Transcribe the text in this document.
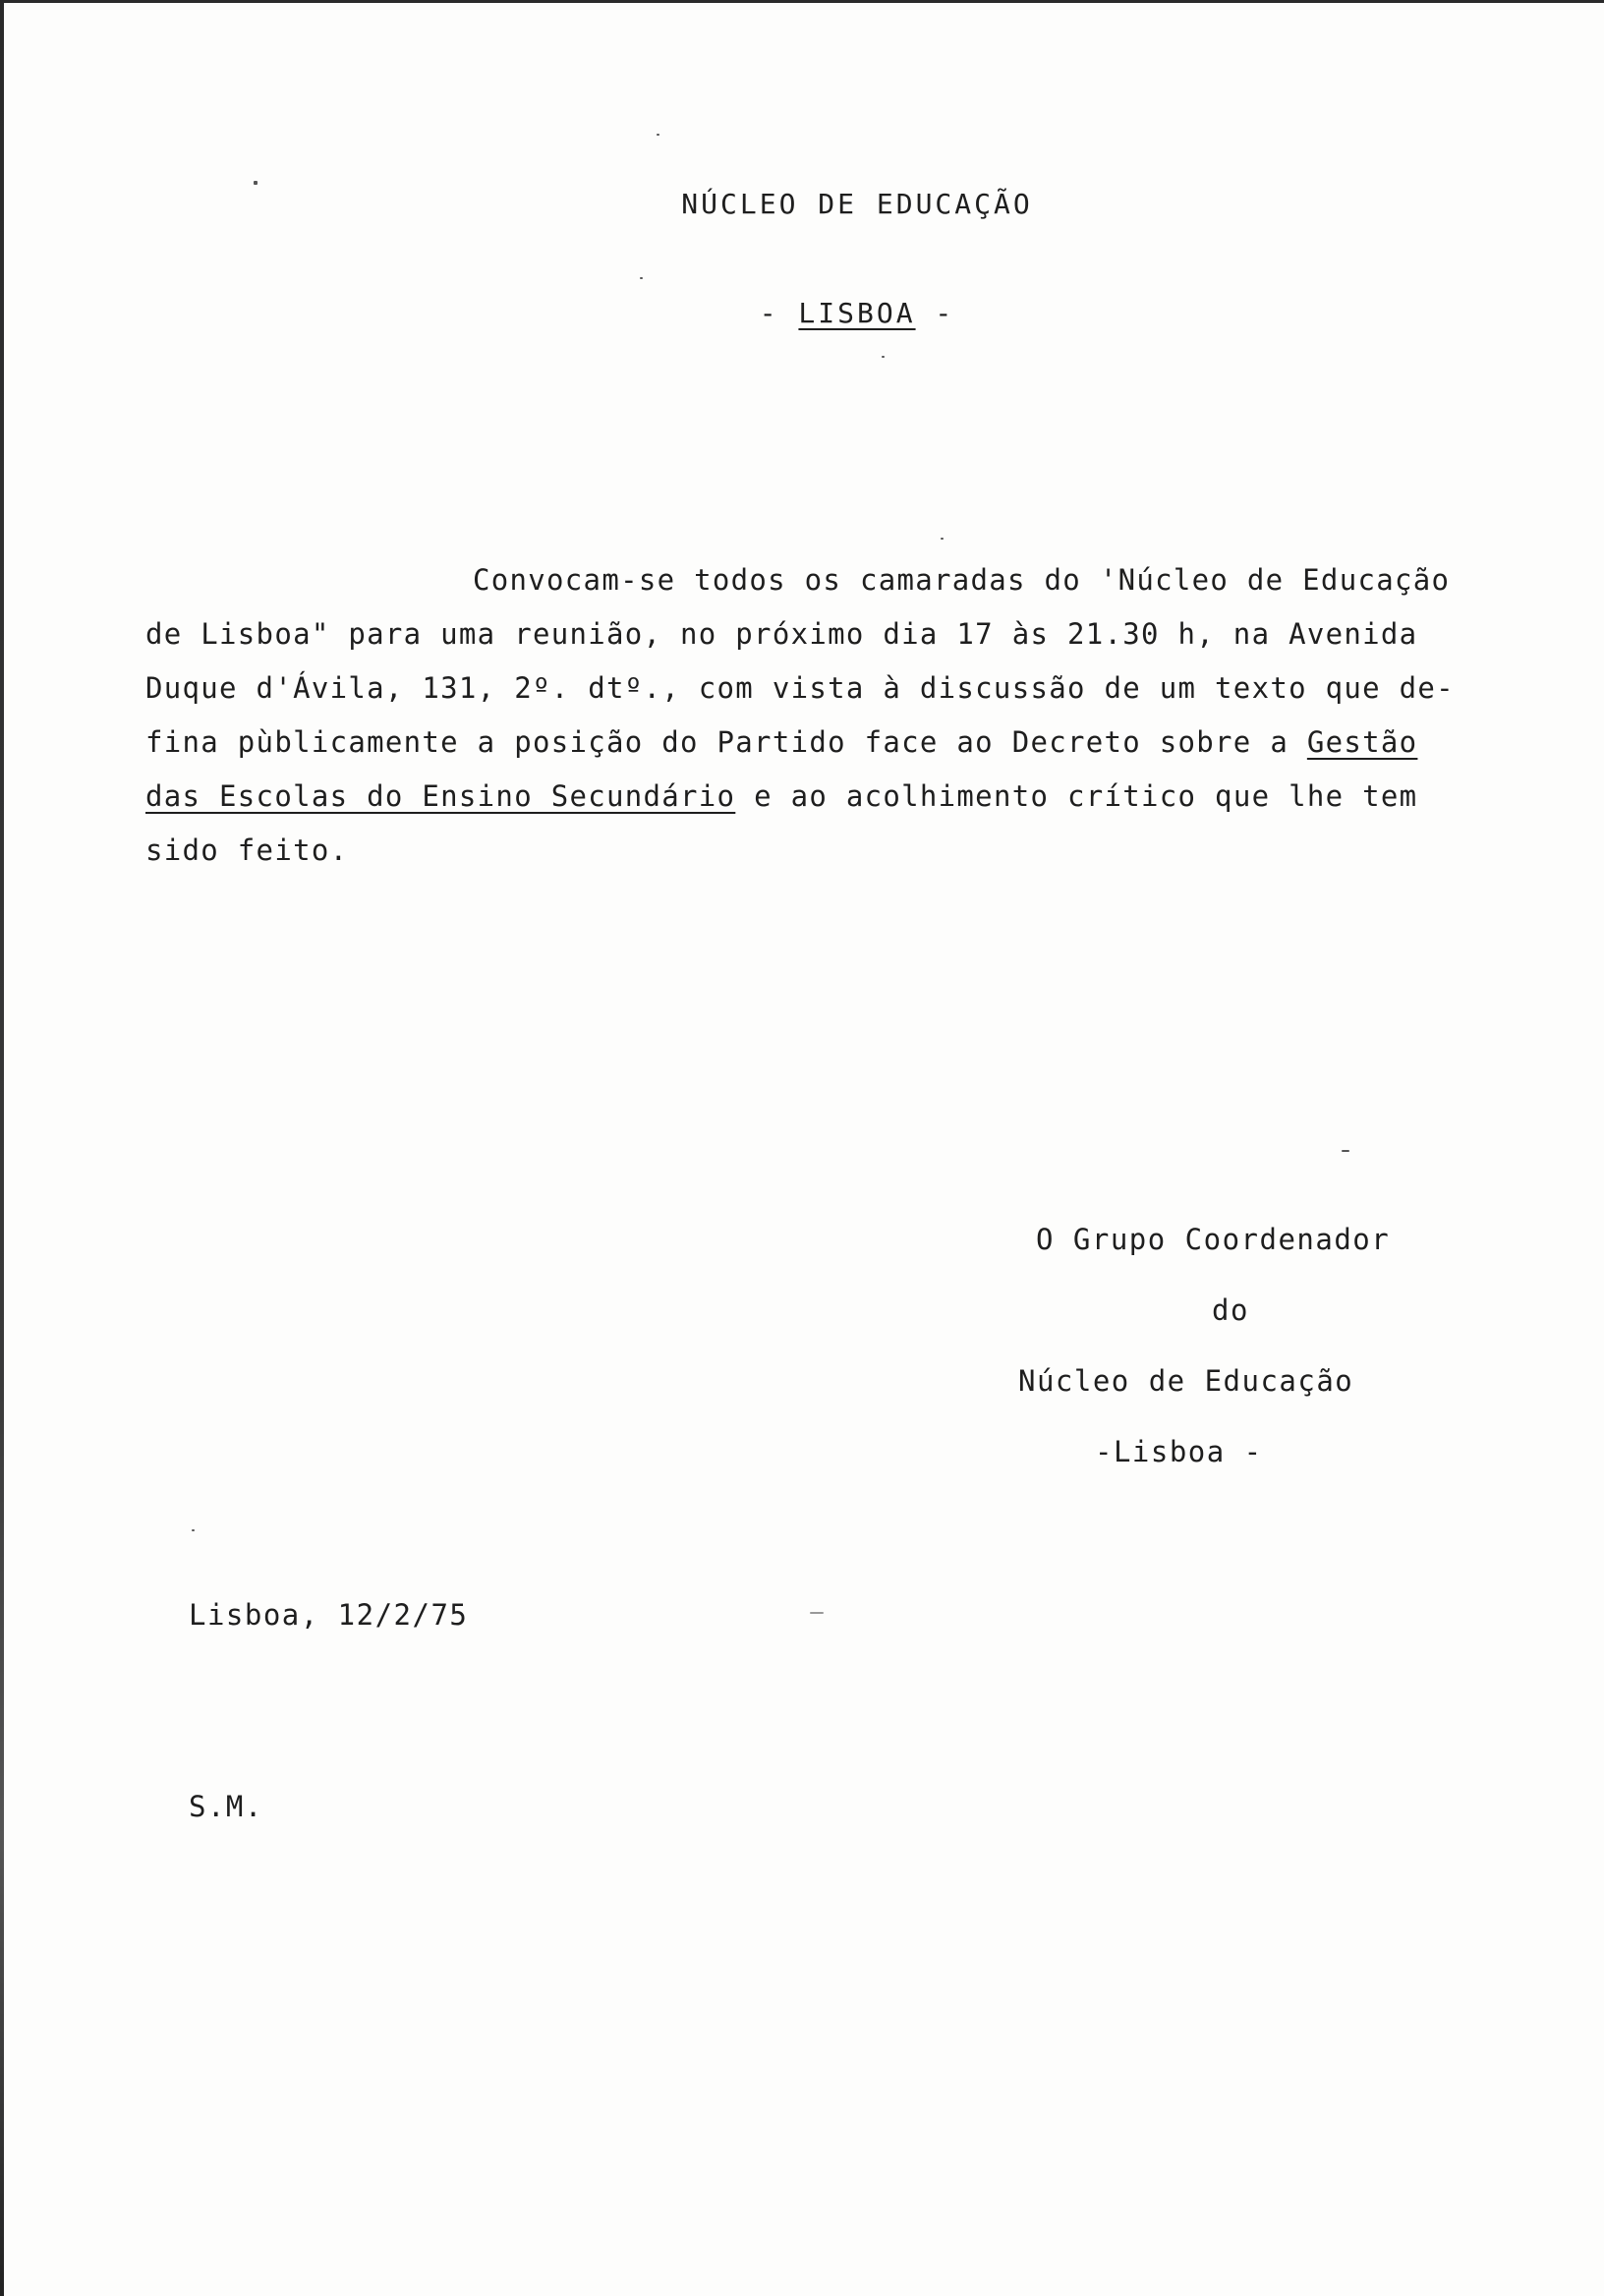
NÚCLEO DE EDUCAÇÃO

- LISBOA -

Convocam-se todos os camaradas do 'Núcleo de Educação

de Lisboa" para uma reunião, no próximo dia 17 às 21.30 h, na Avenida

Duque d'Ávila, 131, 2º. dtº., com vista à discussão de um texto que de-

fina pùblicamente a posição do Partido face ao Decreto sobre a Gestão

das Escolas do Ensino Secundário e ao acolhimento crítico que lhe tem

sido feito.

O Grupo Coordenador

do

Núcleo de Educação

-Lisboa -

Lisboa, 12/2/75

S.M.
